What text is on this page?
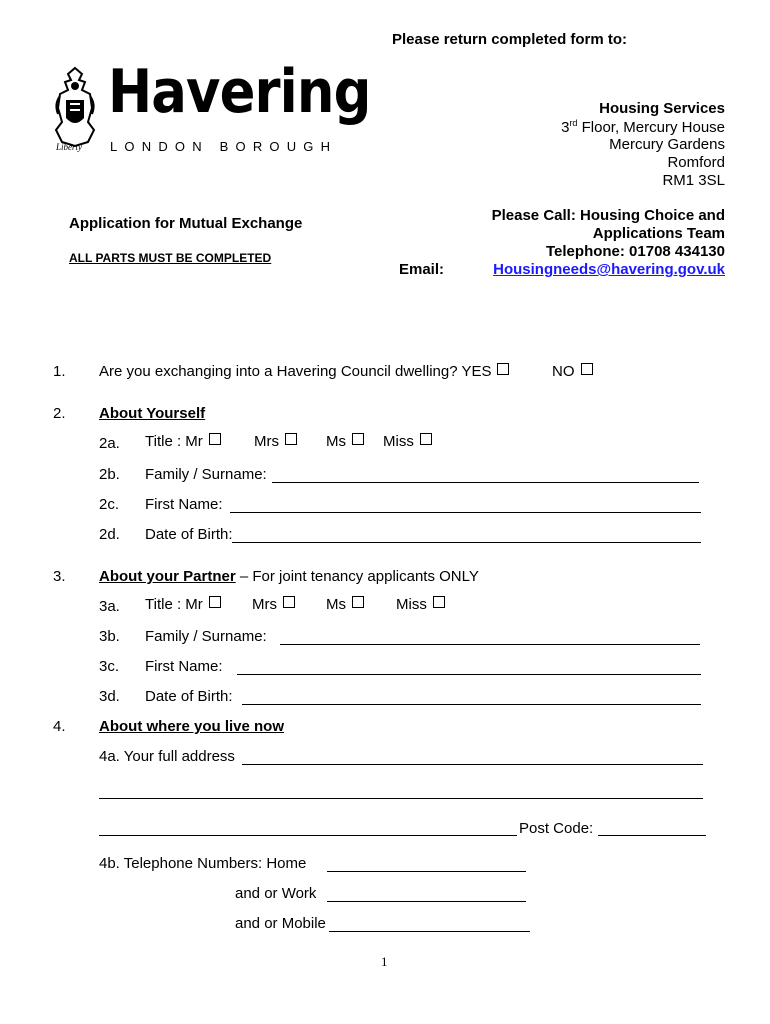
Liberty
Havering
LONDON BOROUGH
Please return completed form to:
Housing Services
3rd Floor, Mercury House
Mercury Gardens
Romford
RM1 3SL
Please Call: Housing Choice and
Applications Team
Telephone: 01708 434130
Email:	Housingneeds@havering.gov.uk
Application for Mutual Exchange
ALL PARTS MUST BE COMPLETED
1. Are you exchanging into a Havering Council dwelling? YES	NO
2. About Yourself
2a. Title : Mr	Mrs	Ms	Miss
2b. Family / Surname:
2c. First Name:
2d. Date of Birth:
3. About your Partner – For joint tenancy applicants ONLY
3a. Title : Mr	Mrs	Ms	Miss
3b. Family / Surname:
3c. First Name:
3d. Date of Birth:
4. About where you live now
4a. Your full address
Post Code:
4b. Telephone Numbers: Home
and or Work
and or Mobile
1
